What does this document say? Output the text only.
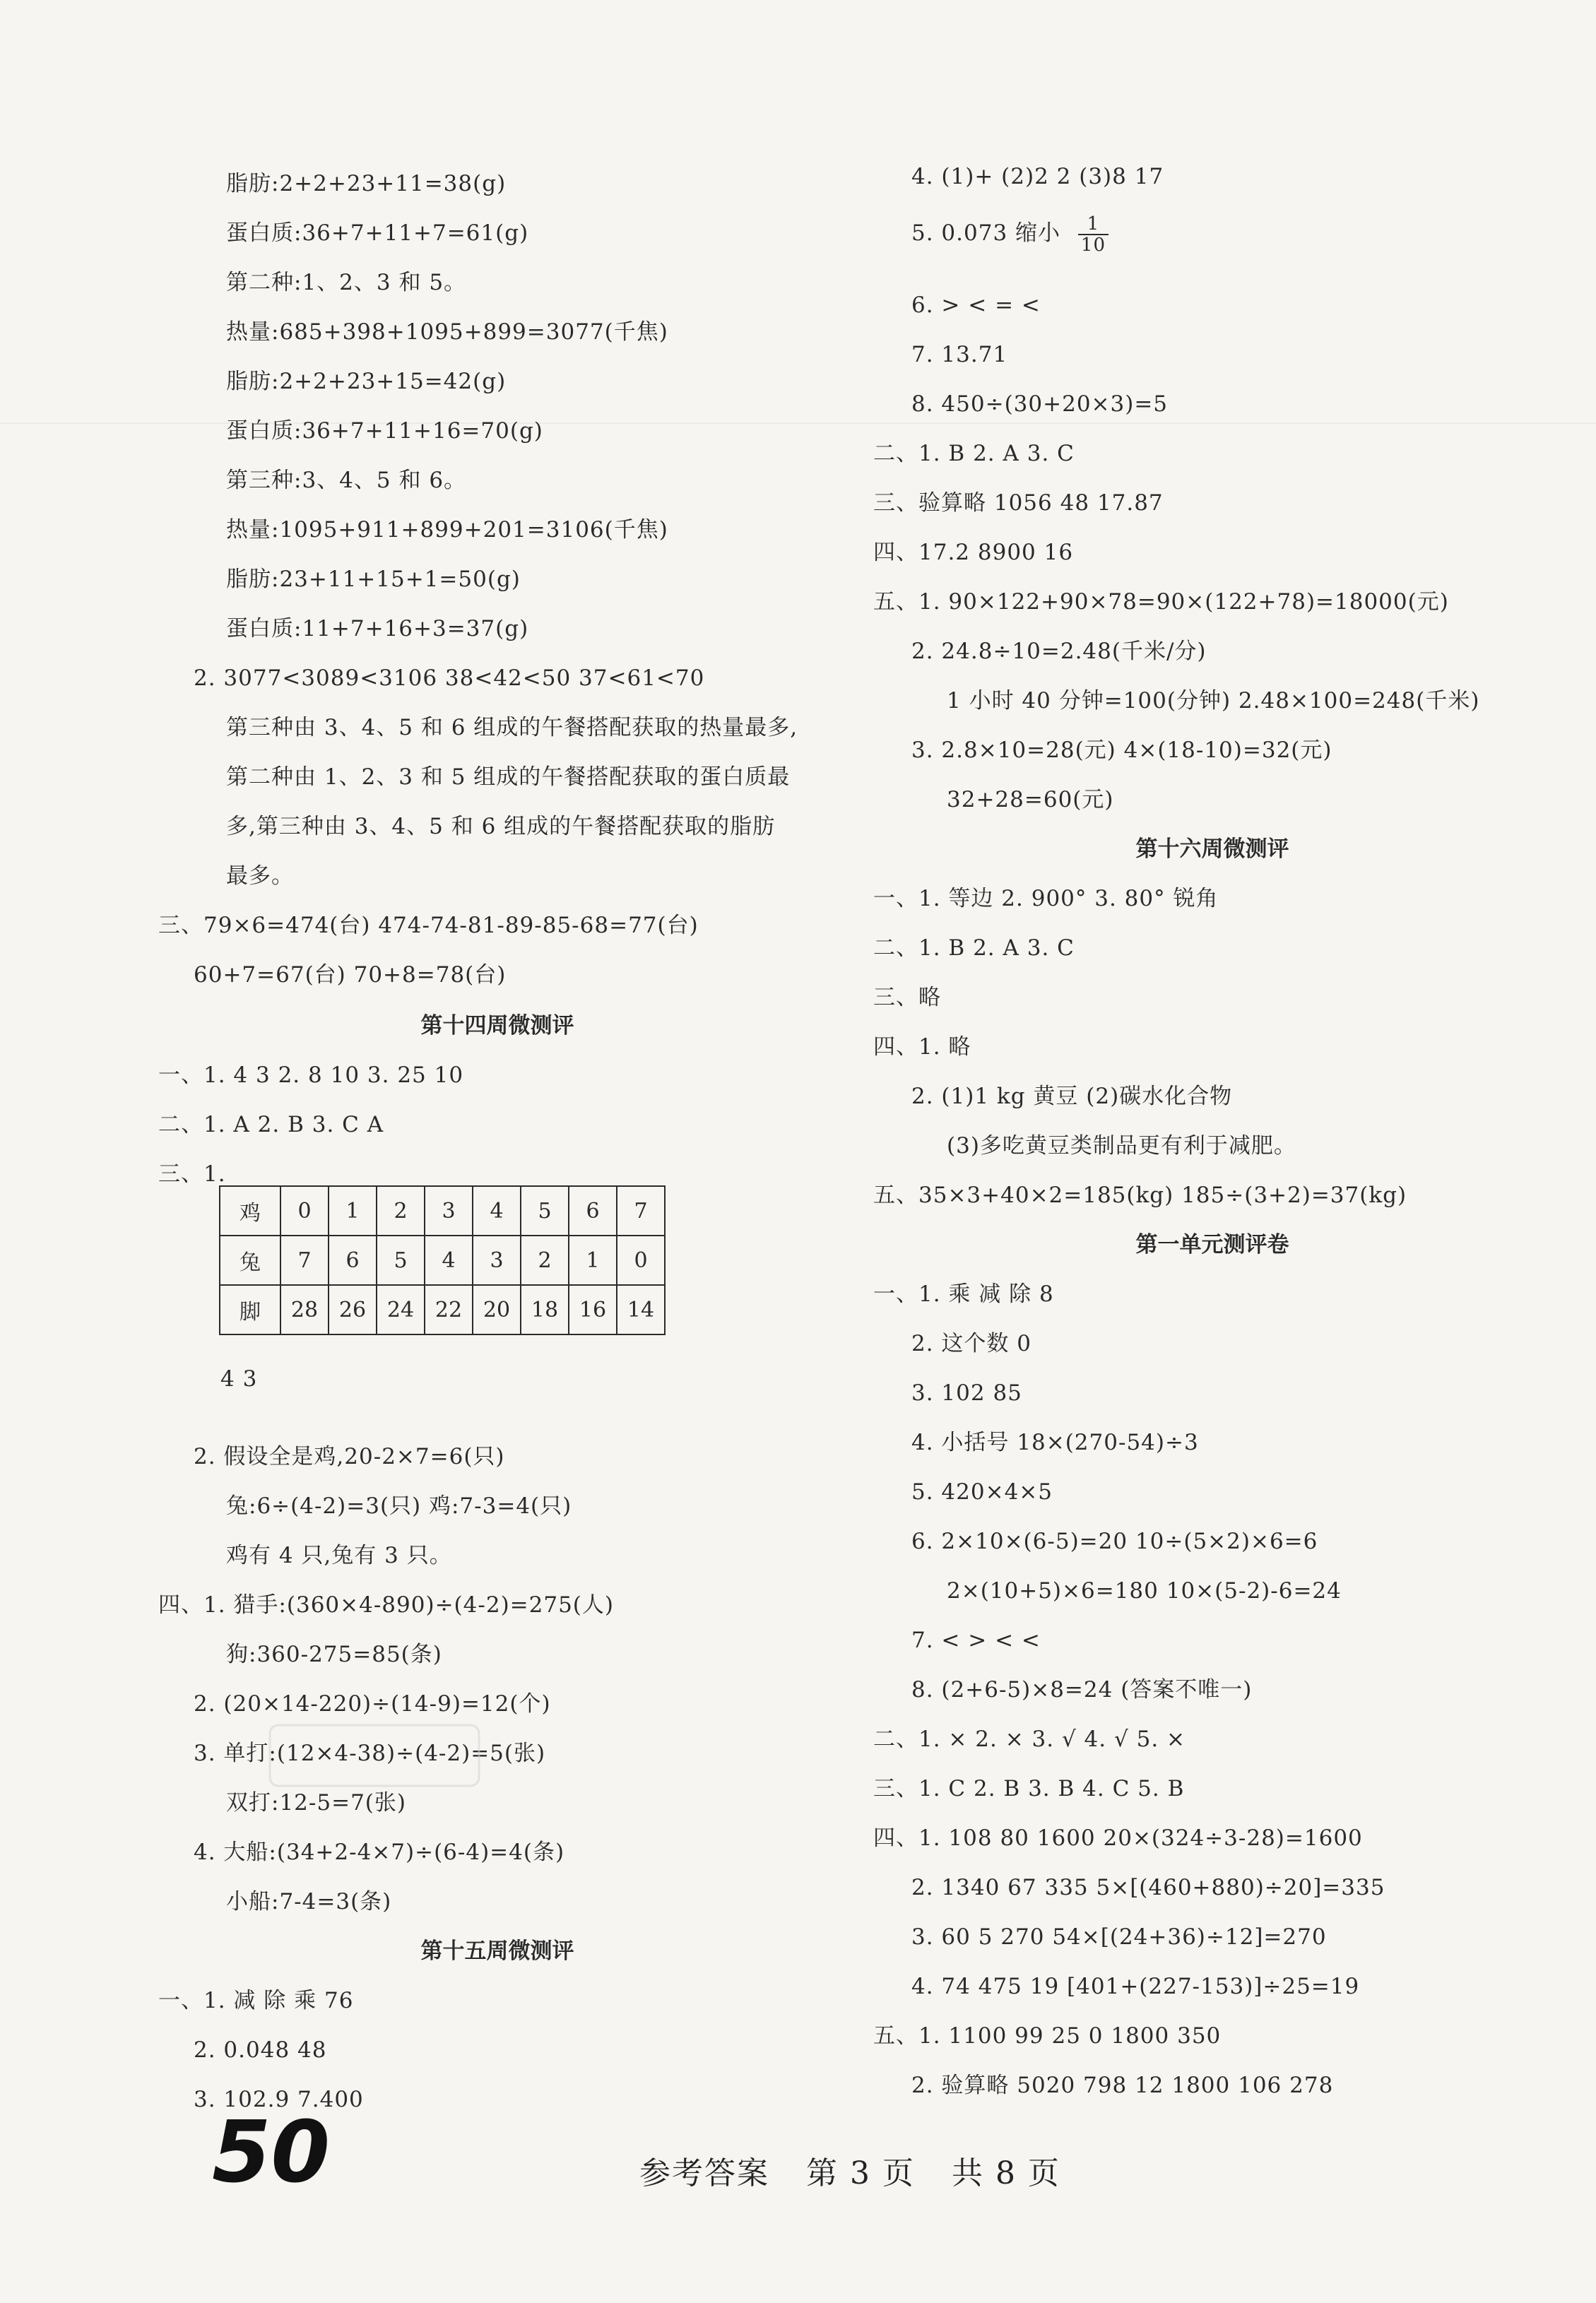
脂肪:2+2+23+11=38(g)
蛋白质:36+7+11+7=61(g)
第二种:1、2、3 和 5。
热量:685+398+1095+899=3077(千焦)
脂肪:2+2+23+15=42(g)
蛋白质:36+7+11+16=70(g)
第三种:3、4、5 和 6。
热量:1095+911+899+201=3106(千焦)
脂肪:23+11+15+1=50(g)
蛋白质:11+7+16+3=37(g)
2. 3077<3089<3106 38<42<50 37<61<70
第三种由 3、4、5 和 6 组成的午餐搭配获取的热量最多,
第二种由 1、2、3 和 5 组成的午餐搭配获取的蛋白质最
多,第三种由 3、4、5 和 6 组成的午餐搭配获取的脂肪
最多。
三、79×6=474(台) 474-74-81-89-85-68=77(台)
60+7=67(台) 70+8=78(台)
第十四周微测评
一、1. 4 3 2. 8 10 3. 25 10
二、1. A 2. B 3. C A
三、1.
鸡	0	1	2	3	4	5	6	7
兔	7	6	5	4	3	2	1	0
脚	28	26	24	22	20	18	16	14
4 3
2. 假设全是鸡,20-2×7=6(只)
兔:6÷(4-2)=3(只) 鸡:7-3=4(只)
鸡有 4 只,兔有 3 只。
四、1. 猎手:(360×4-890)÷(4-2)=275(人)
狗:360-275=85(条)
2. (20×14-220)÷(14-9)=12(个)
3. 单打:(12×4-38)÷(4-2)=5(张)
双打:12-5=7(张)
4. 大船:(34+2-4×7)÷(6-4)=4(条)
小船:7-4=3(条)
第十五周微测评
一、1. 减 除 乘 76
2. 0.048 48
3. 102.9 7.400
4. (1)+ (2)2 2 (3)8 17
5. 0.073 缩小 $\frac{1}{10}$
6. > < = <
7. 13.71
8. 450÷(30+20×3)=5
二、1. B 2. A 3. C
三、验算略 1056 48 17.87
四、17.2 8900 16
五、1. 90×122+90×78=90×(122+78)=18000(元)
2. 24.8÷10=2.48(千米/分)
1 小时 40 分钟=100(分钟) 2.48×100=248(千米)
3. 2.8×10=28(元) 4×(18-10)=32(元)
32+28=60(元)
第十六周微测评
一、1. 等边 2. 900° 3. 80° 锐角
二、1. B 2. A 3. C
三、略
四、1. 略
2. (1)1 kg 黄豆 (2)碳水化合物
(3)多吃黄豆类制品更有利于减肥。
五、35×3+40×2=185(kg) 185÷(3+2)=37(kg)
第一单元测评卷
一、1. 乘 减 除 8
2. 这个数 0
3. 102 85
4. 小括号 18×(270-54)÷3
5. 420×4×5
6. 2×10×(6-5)=20 10÷(5×2)×6=6
2×(10+5)×6=180 10×(5-2)-6=24
7. < > < <
8. (2+6-5)×8=24 (答案不唯一)
二、1. × 2. × 3. √ 4. √ 5. ×
三、1. C 2. B 3. B 4. C 5. B
四、1. 108 80 1600 20×(324÷3-28)=1600
2. 1340 67 335 5×[(460+880)÷20]=335
3. 60 5 270 54×[(24+36)÷12]=270
4. 74 475 19 [401+(227-153)]÷25=19
五、1. 1100 99 25 0 1800 350
2. 验算略 5020 798 12 1800 106 278
50	参考答案 第 3 页 共 8 页
